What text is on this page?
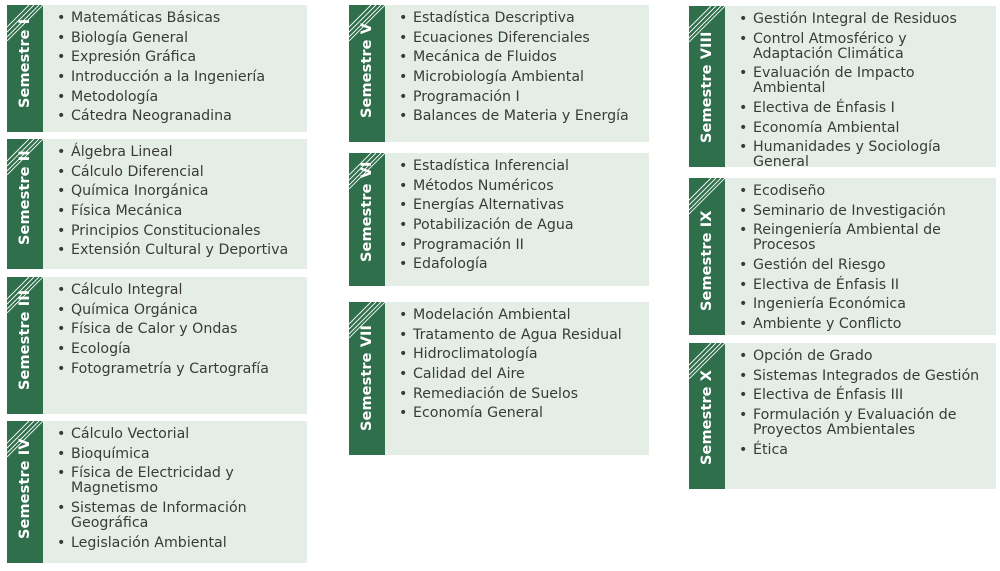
Semestre I
• Matemáticas Básicas
• Biología General
• Expresión Gráfica
• Introducción a la Ingeniería
• Metodología
• Cátedra Neogranadina
Semestre II • Álgebra Lineal
• Cálculo Diferencial
• Química Inorgánica
• Física Mecánica
• Principios Constitucionales
• Extensión Cultural y Deportiva
Semestre III • Cálculo Integral
• Química Orgánica
• Física de Calor y Ondas
• Ecología
• Fotogrametría y Cartografía
Semestre IV
• Cálculo Vectorial
• Bioquímica
• Física de Electricidad y Magnetismo
• Sistemas de Información Geográfica
• Legislación Ambiental
Semestre V
• Estadística Descriptiva
• Ecuaciones Diferenciales
• Mecánica de Fluidos
• Microbiología Ambiental
• Programación I
• Balances de Materia y Energía
Semestre VI • Estadística Inferencial
• Métodos Numéricos
• Energías Alternativas
• Potabilización de Agua
• Programación II
• Edafología
Semestre VII
• Modelación Ambiental
• Tratamento de Agua Residual
• Hidroclimatología
• Calidad del Aire
• Remediación de Suelos
• Economía General
Semestre VIII
• Gestión Integral de Residuos
• Control Atmosférico y Adaptación Climática
• Evaluación de Impacto Ambiental
• Electiva de Énfasis I
• Economía Ambiental
• Humanidades y Sociología General
Semestre IX
• Ecodiseño
• Seminario de Investigación
• Reingeniería Ambiental de Procesos
• Gestión del Riesgo
• Electiva de Énfasis II
• Ingeniería Económica
• Ambiente y Conflicto
Semestre X
• Opción de Grado
• Sistemas Integrados de Gestión
• Electiva de Énfasis III
• Formulación y Evaluación de Proyectos Ambientales
• Ética
